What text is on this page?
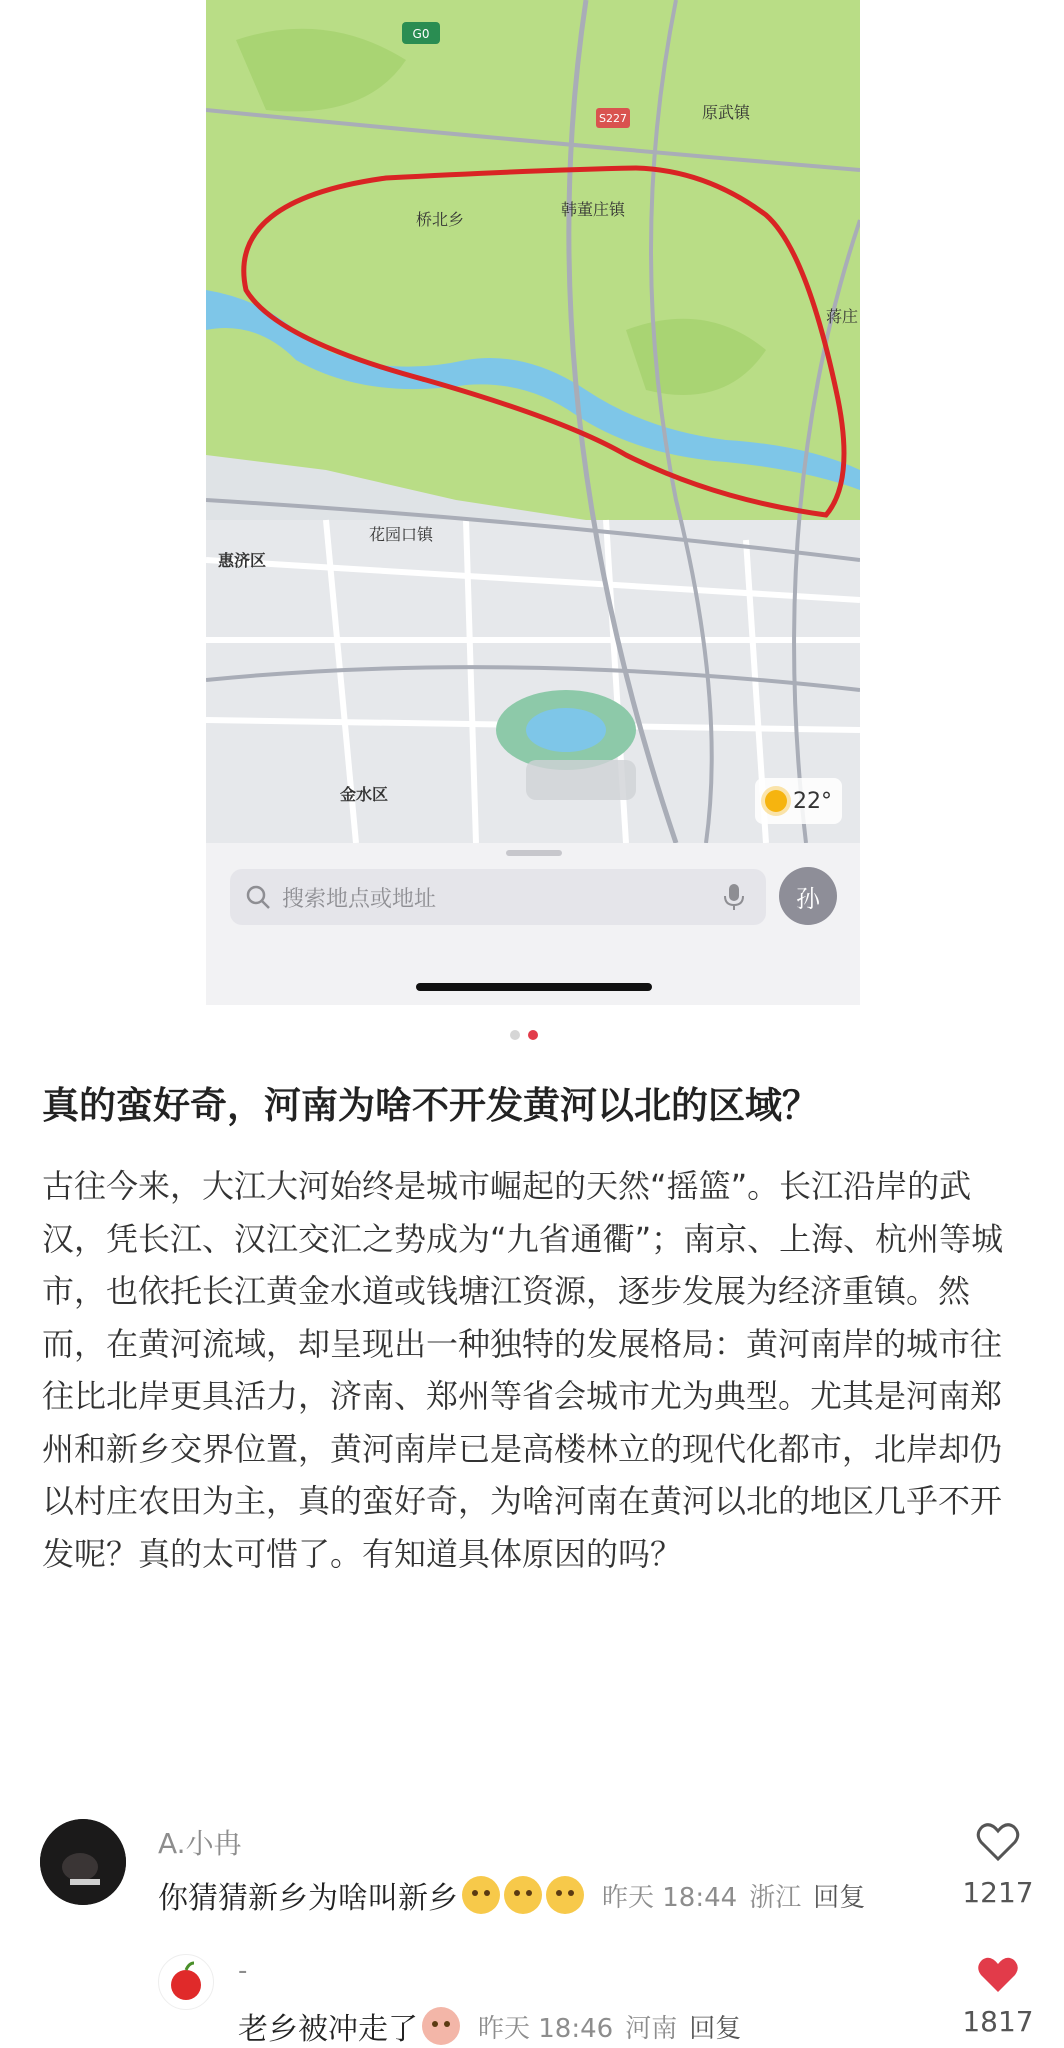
G0
S227	原武镇
桥北乡
韩董庄镇
花园口镇
惠济区
金水区
蒋庄
22°
搜索地点或地址	孙
真的蛮好奇，河南为啥不开发黄河以北的区域？
古往今来，大江大河始终是城市崛起的天然“摇篮”。长江沿岸的武汉，凭长江、汉江交汇之势成为“九省通衢”；南京、上海、杭州等城市，也依托长江黄金水道或钱塘江资源，逐步发展为经济重镇。然而，在黄河流域，却呈现出一种独特的发展格局：黄河南岸的城市往往比北岸更具活力，济南、郑州等省会城市尤为典型。尤其是河南郑州和新乡交界位置，黄河南岸已是高楼林立的现代化都市，北岸却仍以村庄农田为主，真的蛮好奇，为啥河南在黄河以北的地区几乎不开发呢？真的太可惜了。有知道具体原因的吗？
A.小冉
你猜猜新乡为啥叫新乡	昨天 18:44 浙江 回复	1217
-
老乡被冲走了 昨天 18:46 河南 回复	1817
